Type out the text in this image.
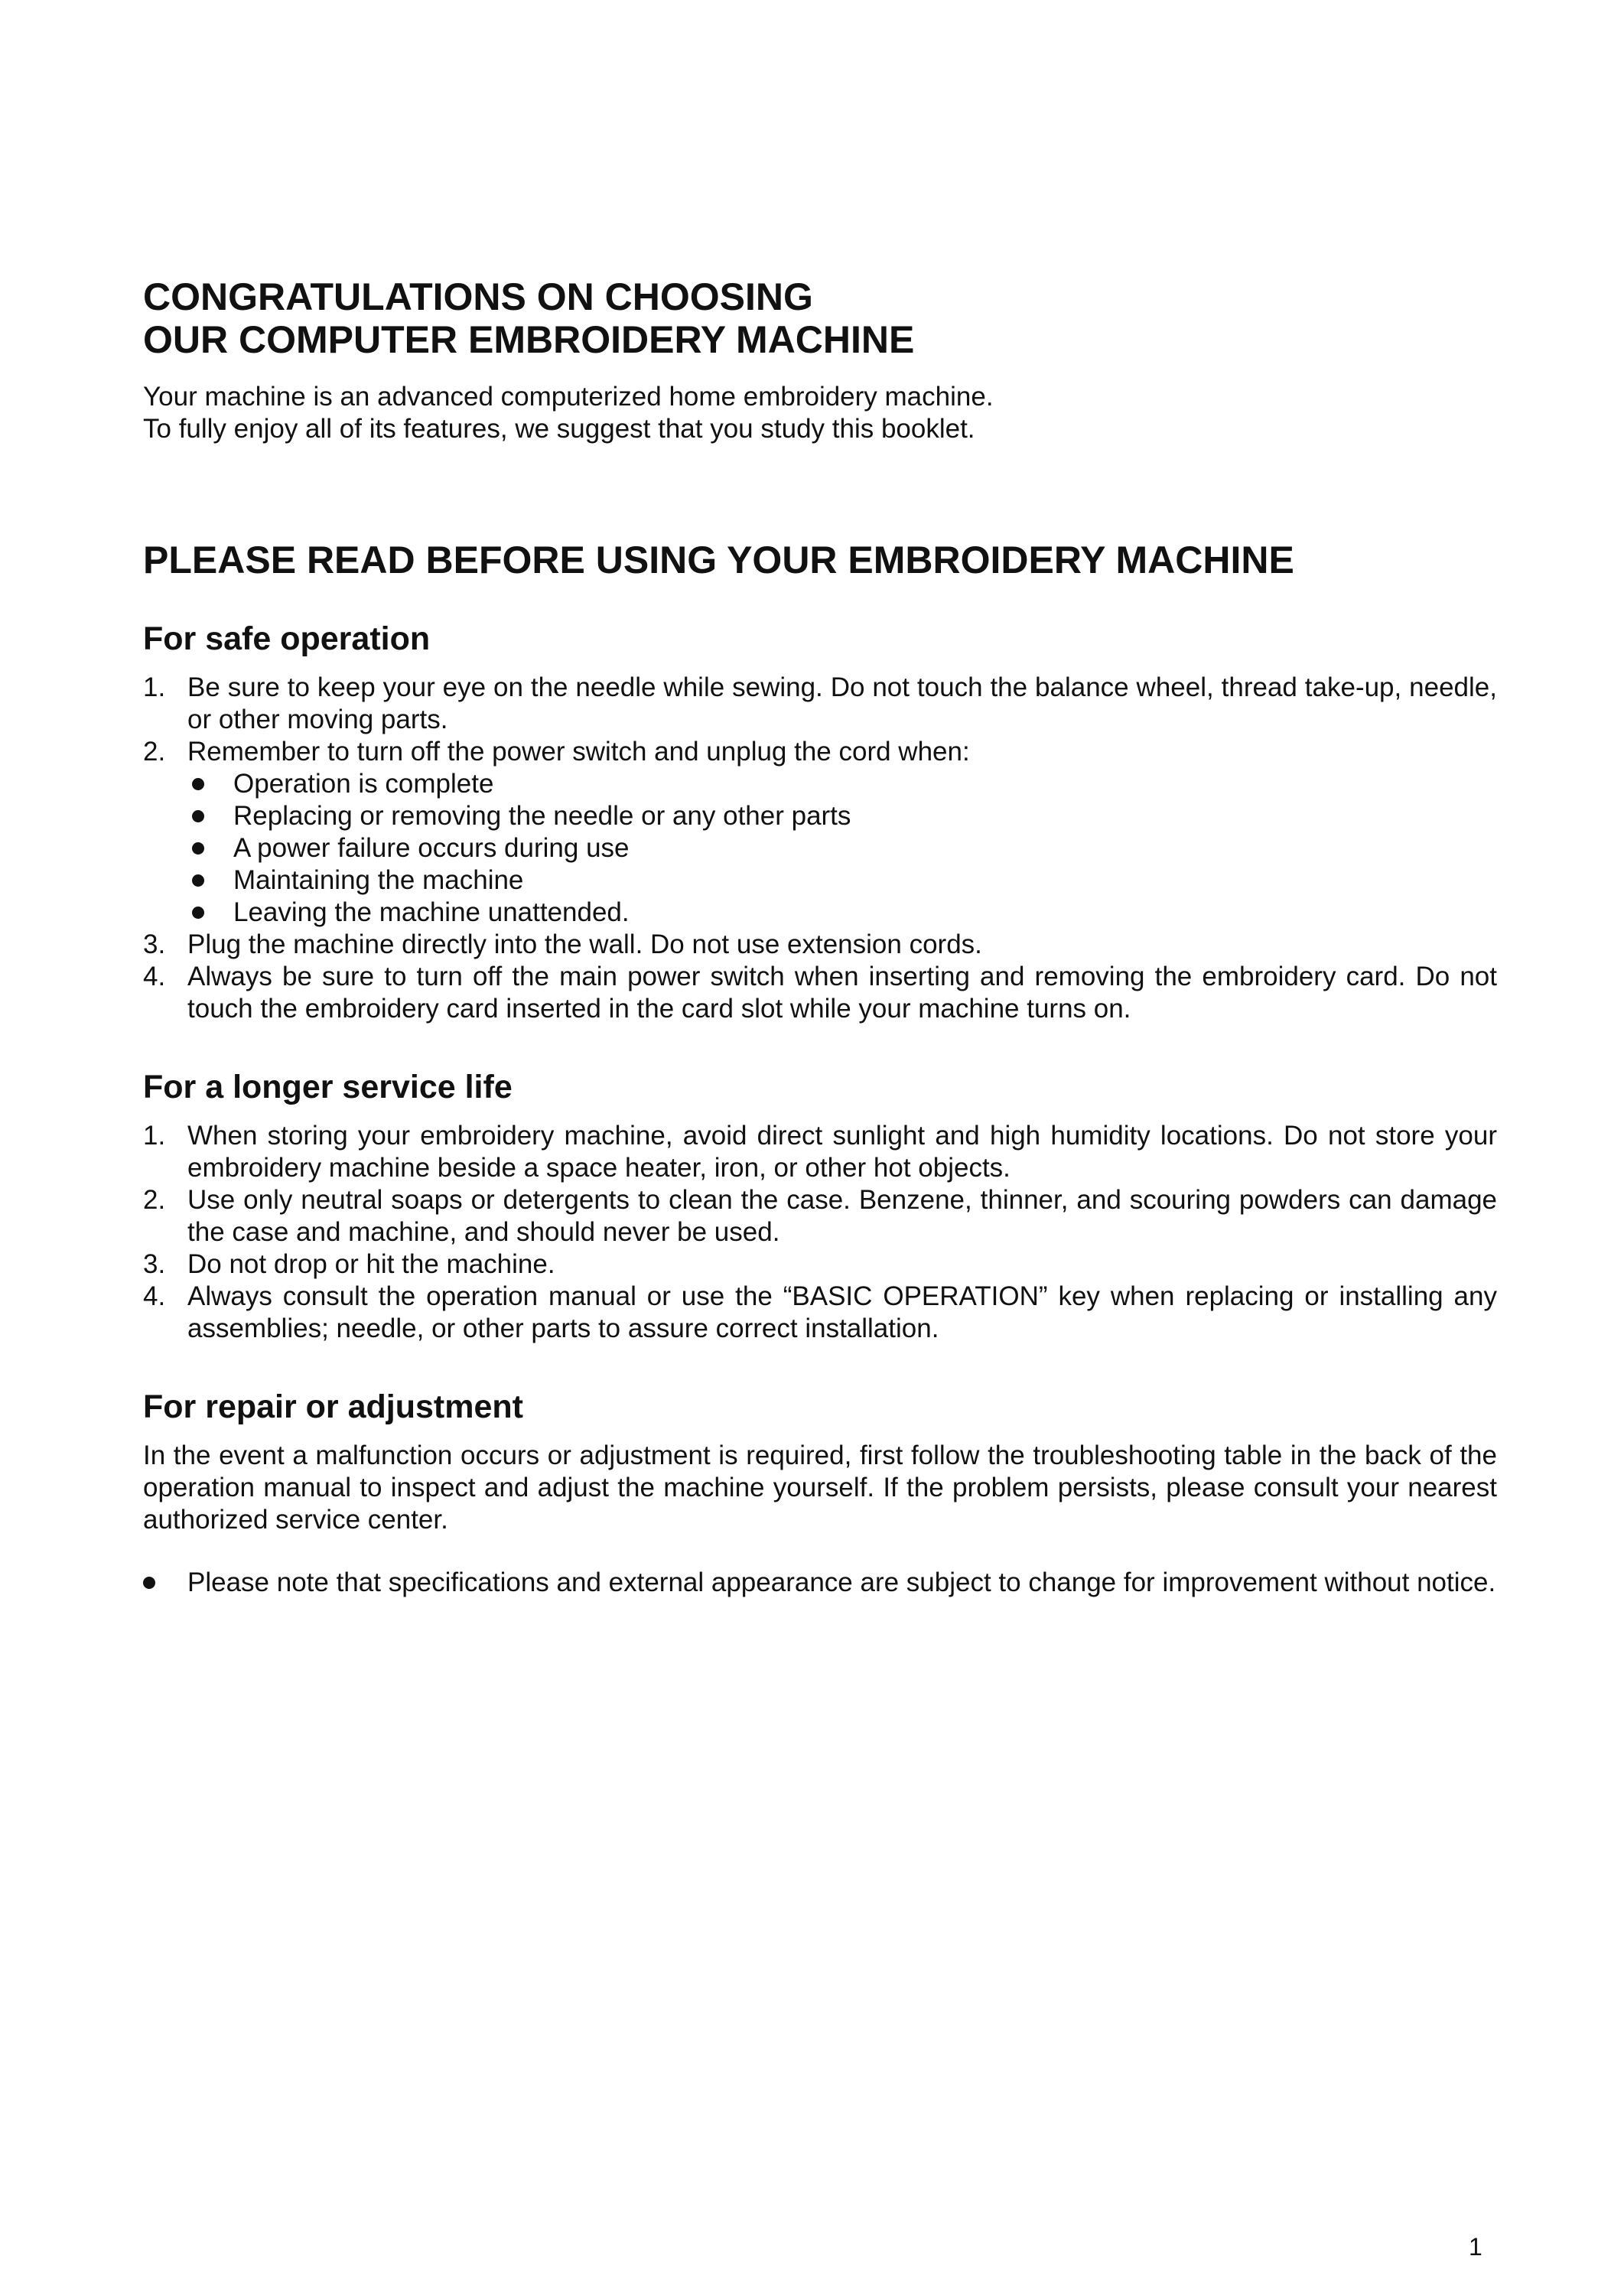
CONGRATULATIONS ON CHOOSING
OUR COMPUTER EMBROIDERY MACHINE
Your machine is an advanced computerized home embroidery machine.
To fully enjoy all of its features, we suggest that you study this booklet.
PLEASE READ BEFORE USING YOUR EMBROIDERY MACHINE
For safe operation
1. Be sure to keep your eye on the needle while sewing. Do not touch the balance wheel, thread take-up, needle, or other moving parts.
2. Remember to turn off the power switch and unplug the cord when:
Operation is complete
Replacing or removing the needle or any other parts
A power failure occurs during use
Maintaining the machine
Leaving the machine unattended.
3. Plug the machine directly into the wall. Do not use extension cords.
4. Always be sure to turn off the main power switch when inserting and removing the embroidery card. Do not touch the embroidery card inserted in the card slot while your machine turns on.
For a longer service life
1. When storing your embroidery machine, avoid direct sunlight and high humidity locations. Do not store your embroidery machine beside a space heater, iron, or other hot objects.
2. Use only neutral soaps or detergents to clean the case. Benzene, thinner, and scouring powders can damage the case and machine, and should never be used.
3. Do not drop or hit the machine.
4. Always consult the operation manual or use the “BASIC OPERATION” key when replacing or installing any assemblies; needle, or other parts to assure correct installation.
For repair or adjustment

In the event a malfunction occurs or adjustment is required, first follow the troubleshooting table in the back of the operation manual to inspect and adjust the machine yourself. If the problem persists, please consult your nearest authorized service center.

Please note that specifications and external appearance are subject to change for improvement without notice.
1
